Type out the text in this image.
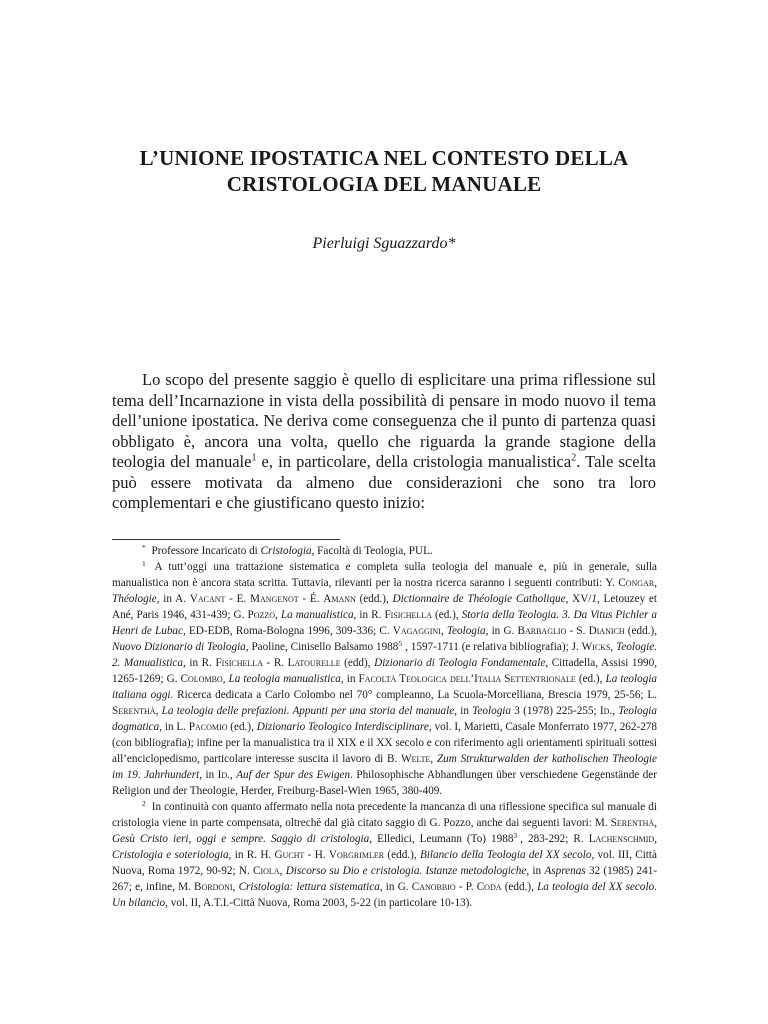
L’UNIONE IPOSTATICA NEL CONTESTO DELLA
CRISTOLOGIA DEL MANUALE
Pierluigi Sguazzardo*

Lo scopo del presente saggio è quello di esplicitare una prima riflessione sul tema dell’Incarnazione in vista della possibilità di pensare in modo nuovo il tema dell’unione ipostatica. Ne deriva come conseguenza che il punto di partenza quasi obbligato è, ancora una volta, quello che riguarda la grande stagione della teologia del manuale$^1$ e, in particolare, della cristologia manualistica$^2$. Tale scelta può essere motivata da almeno due considerazioni che sono tra loro complementari e che giustificano questo inizio:

* Professore Incaricato di Cristologia, Facoltà di Teologia, PUL.

$^1$ A tutt’oggi una trattazione sistematica e completa sulla teologia del manuale e, più in generale, sulla manualistica non è ancora stata scritta. Tuttavia, rilevanti per la nostra ricerca saranno i seguenti contributi: Y. Congar, Théologie, in A. Vacant - E. Mangenot - É. Amann (edd.), Dictionnaire de Théologie Catholique, XV/1, Letouzey et Ané, Paris 1946, 431-439; G. Pozzo, La manualistica, in R. Fisichella (ed.), Storia della Teologia. 3. Da Vitus Pichler a Henri de Lubac, ED-EDB, Roma-Bologna 1996, 309-336; C. Vagaggini, Teologia, in G. Barbaglio - S. Dianich (edd.), Nuovo Dizionario di Teologia, Paoline, Cinisello Balsamo 1988$^5$ , 1597-1711 (e relativa bibliografia); J. Wicks, Teologie. 2. Manualistica, in R. Fisichella - R. Latourelle (edd), Dizionario di Teologia Fondamentale, Cittadella, Assisi 1990, 1265-1269; G. Colombo, La teologia manualistica, in Facoltà Teologica dell’Italia Settentrionale (ed.), La teologia italiana oggi. Ricerca dedicata a Carlo Colombo nel 70° compleanno, La Scuola-Morcelliana, Brescia 1979, 25-56; L. Serenthà, La teologia delle prefazioni. Appunti per una storia del manuale, in Teologia 3 (1978) 225-255; Id., Teologia dogmatica, in L. Pacomio (ed.), Dizionario Teologico Interdisciplinare, vol. I, Marietti, Casale Monferrato 1977, 262-278 (con bibliografia); infine per la manualistica tra il XIX e il XX secolo e con riferimento agli orientamenti spirituali sottesi all’enciclopedismo, particolare interesse suscita il lavoro di B. Welte, Zum Strukturwalden der katholischen Theologie im 19. Jahrhundert, in Id., Auf der Spur des Ewigen. Philosophische Abhandlungen über verschiedene Gegenstände der Religion und der Theologie, Herder, Freiburg-Basel-Wien 1965, 380-409.

$^2$ In continuità con quanto affermato nella nota precedente la mancanza di una riflessione specifica sul manuale di cristologia viene in parte compensata, oltreché dal già citato saggio di G. Pozzo, anche dai seguenti lavori: M. Serenthà, Gesù Cristo ieri, oggi e sempre. Saggio di cristologia, Elledici, Leumann (To) 1988$^3$ , 283-292; R. Lachenschmid, Cristologia e soteriologia, in R. H. Gucht - H. Vorgrimler (edd.), Bilancio della Teologia del XX secolo, vol. III, Città Nuova, Roma 1972, 90-92; N. Ciola, Discorso su Dio e cristologia. Istanze metodologiche, in Asprenas 32 (1985) 241-267; e, infine, M. Bordoni, Cristologia: lettura sistematica, in G. Canobbio - P. Coda (edd.), La teologia del XX secolo. Un bilancio, vol. II, A.T.I.-Città Nuova, Roma 2003, 5-22 (in particolare 10-13).
